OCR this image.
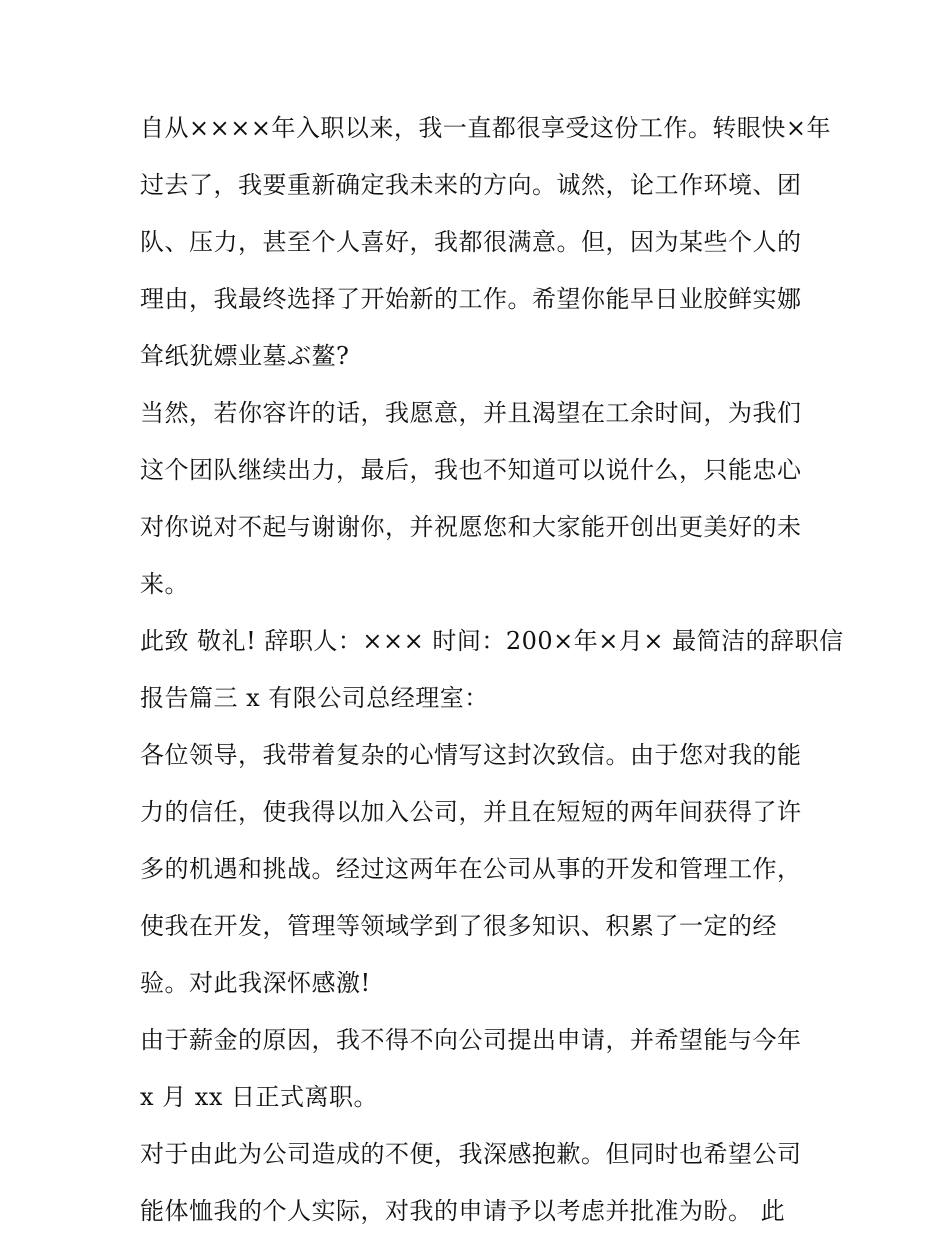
自从××××年入职以来，我一直都很享受这份工作。转眼快×年
过去了，我要重新确定我未来的方向。诚然，论工作环境、团
队、压力，甚至个人喜好，我都很满意。但，因为某些个人的
理由，我最终选择了开始新的工作。希望你能早日业胶鲜实娜
耸纸犹嫖业墓ぶ鳌?
当然，若你容许的话，我愿意，并且渴望在工余时间，为我们
这个团队继续出力，最后，我也不知道可以说什么，只能忠心
对你说对不起与谢谢你，并祝愿您和大家能开创出更美好的未
来。
此致 敬礼! 辞职人：××× 时间：200×年×月× 最简洁的辞职信
报告篇三 x 有限公司总经理室：
各位领导，我带着复杂的心情写这封次致信。由于您对我的能
力的信任，使我得以加入公司，并且在短短的两年间获得了许
多的机遇和挑战。经过这两年在公司从事的开发和管理工作，
使我在开发，管理等领域学到了很多知识、积累了一定的经
验。对此我深怀感激!
由于薪金的原因，我不得不向公司提出申请，并希望能与今年
x 月 xx 日正式离职。
对于由此为公司造成的不便，我深感抱歉。但同时也希望公司
能体恤我的个人实际，对我的申请予以考虑并批准为盼。 此
